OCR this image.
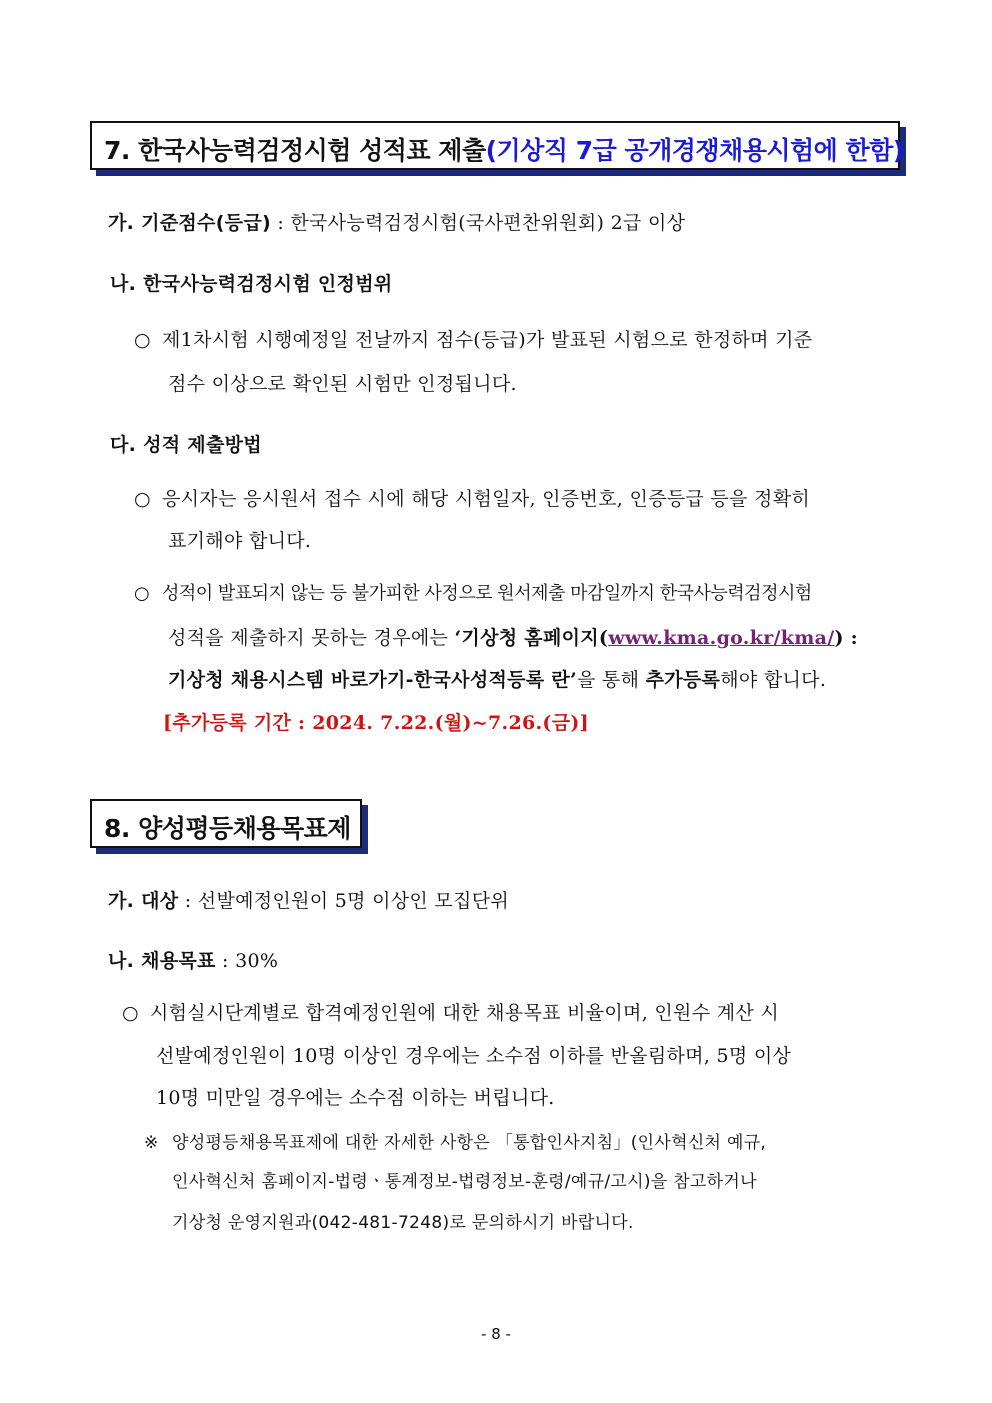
7. 한국사능력검정시험 성적표 제출(기상직 7급 공개경쟁채용시험에 한함)
가. 기준점수(등급) : 한국사능력검정시험(국사편찬위원회) 2급 이상
나. 한국사능력검정시험 인정범위
○ 제1차시험 시행예정일 전날까지 점수(등급)가 발표된 시험으로 한정하며 기준
점수 이상으로 확인된 시험만 인정됩니다.
다. 성적 제출방법
○ 응시자는 응시원서 접수 시에 해당 시험일자, 인증번호, 인증등급 등을 정확히
표기해야 합니다.
○ 성적이 발표되지 않는 등 불가피한 사정으로 원서제출 마감일까지 한국사능력검정시험
성적을 제출하지 못하는 경우에는 ‘기상청 홈페이지(www.kma.go.kr/kma/) :
기상청 채용시스템 바로가기-한국사성적등록 란’을 통해 추가등록해야 합니다.
[추가등록 기간 : 2024. 7.22.(월)~7.26.(금)]
8. 양성평등채용목표제
가. 대상 : 선발예정인원이 5명 이상인 모집단위
나. 채용목표 : 30%
○ 시험실시단계별로 합격예정인원에 대한 채용목표 비율이며, 인원수 계산 시
선발예정인원이 10명 이상인 경우에는 소수점 이하를 반올림하며, 5명 이상
10명 미만일 경우에는 소수점 이하는 버립니다.
※ 양성평등채용목표제에 대한 자세한 사항은 「통합인사지침」(인사혁신처 예규,
인사혁신처 홈페이지-법령ㆍ통계정보-법령정보-훈령/예규/고시)을 참고하거나
기상청 운영지원과(042-481-7248)로 문의하시기 바랍니다.
- 8 -
